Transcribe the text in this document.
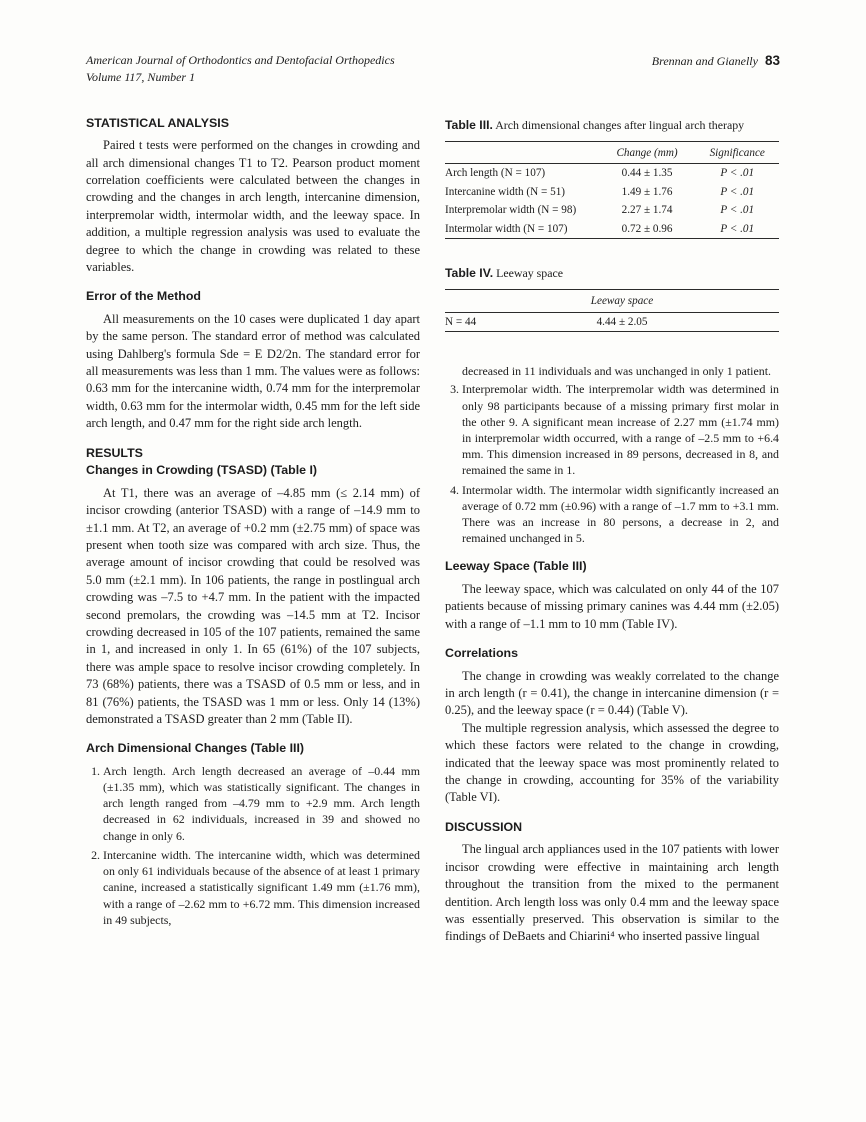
American Journal of Orthodontics and Dentofacial Orthopedics
Volume 117, Number 1
Brennan and Gianelly 83
STATISTICAL ANALYSIS

Paired t tests were performed on the changes in crowding and all arch dimensional changes T1 to T2. Pearson product moment correlation coefficients were calculated between the changes in crowding and the changes in arch length, intercanine dimension, interpremolar width, intermolar width, and the leeway space. In addition, a multiple regression analysis was used to evaluate the degree to which the change in crowding was related to these variables.

Error of the Method

All measurements on the 10 cases were duplicated 1 day apart by the same person. The standard error of method was calculated using Dahlberg's formula Sde = E D2/2n. The standard error for all measurements was less than 1 mm. The values were as follows: 0.63 mm for the intercanine width, 0.74 mm for the interpremolar width, 0.63 mm for the intermolar width, 0.45 mm for the left side arch length, and 0.47 mm for the right side arch length.

RESULTS
Changes in Crowding (TSASD) (Table I)

At T1, there was an average of –4.85 mm (≤ 2.14 mm) of incisor crowding (anterior TSASD) with a range of –14.9 mm to ±1.1 mm. At T2, an average of +0.2 mm (±2.75 mm) of space was present when tooth size was compared with arch size. Thus, the average amount of incisor crowding that could be resolved was 5.0 mm (±2.1 mm). In 106 patients, the range in postlingual arch crowding was –7.5 to +4.7 mm. In the patient with the impacted second premolars, the crowding was –14.5 mm at T2. Incisor crowding decreased in 105 of the 107 patients, remained the same in 1, and increased in only 1. In 65 (61%) of the 107 subjects, there was ample space to resolve incisor crowding completely. In 73 (68%) patients, there was a TSASD of 0.5 mm or less, and in 81 (76%) patients, the TSASD was 1 mm or less. Only 14 (13%) demonstrated a TSASD greater than 2 mm (Table II).

Arch Dimensional Changes (Table III)
1. Arch length. Arch length decreased an average of –0.44 mm (±1.35 mm), which was statistically significant. The changes in arch length ranged from –4.79 mm to +2.9 mm. Arch length decreased in 62 individuals, increased in 39 and showed no change in only 6.
2. Intercanine width. The intercanine width, which was determined on only 61 individuals because of the absence of at least 1 primary canine, increased a statistically significant 1.49 mm (±1.76 mm), with a range of –2.62 mm to +6.72 mm. This dimension increased in 49 subjects,
Table III. Arch dimensional changes after lingual arch therapy
	Change (mm)	Significance
Arch length (N = 107)	0.44 ± 1.35	P < .01
Intercanine width (N = 51)	1.49 ± 1.76	P < .01
Interpremolar width (N = 98)	2.27 ± 1.74	P < .01
Intermolar width (N = 107)	0.72 ± 0.96	P < .01
Table IV. Leeway space
	Leeway space	
N = 44	4.44 ± 2.05	

decreased in 11 individuals and was unchanged in only 1 patient.

3. Interpremolar width. The interpremolar width was determined in only 98 participants because of a missing primary first molar in the other 9. A significant mean increase of 2.27 mm (±1.74 mm) in interpremolar width occurred, with a range of –2.5 mm to +6.4 mm. This dimension increased in 89 persons, decreased in 8, and remained the same in 1.
4. Intermolar width. The intermolar width significantly increased an average of 0.72 mm (±0.96) with a range of –1.7 mm to +3.1 mm. There was an increase in 80 persons, a decrease in 2, and remained unchanged in 5.
Leeway Space (Table III)

The leeway space, which was calculated on only 44 of the 107 patients because of missing primary canines was 4.44 mm (±2.05) with a range of –1.1 mm to 10 mm (Table IV).

Correlations

The change in crowding was weakly correlated to the change in arch length (r = 0.41), the change in intercanine dimension (r = 0.25), and the leeway space (r = 0.44) (Table V).

The multiple regression analysis, which assessed the degree to which these factors were related to the change in crowding, indicated that the leeway space was most prominently related to the change in crowding, accounting for 35% of the variability (Table VI).

DISCUSSION

The lingual arch appliances used in the 107 patients with lower incisor crowding were effective in maintaining arch length throughout the transition from the mixed to the permanent dentition. Arch length loss was only 0.4 mm and the leeway space was essentially preserved. This observation is similar to the findings of DeBaets and Chiarini⁴ who inserted passive lingual
